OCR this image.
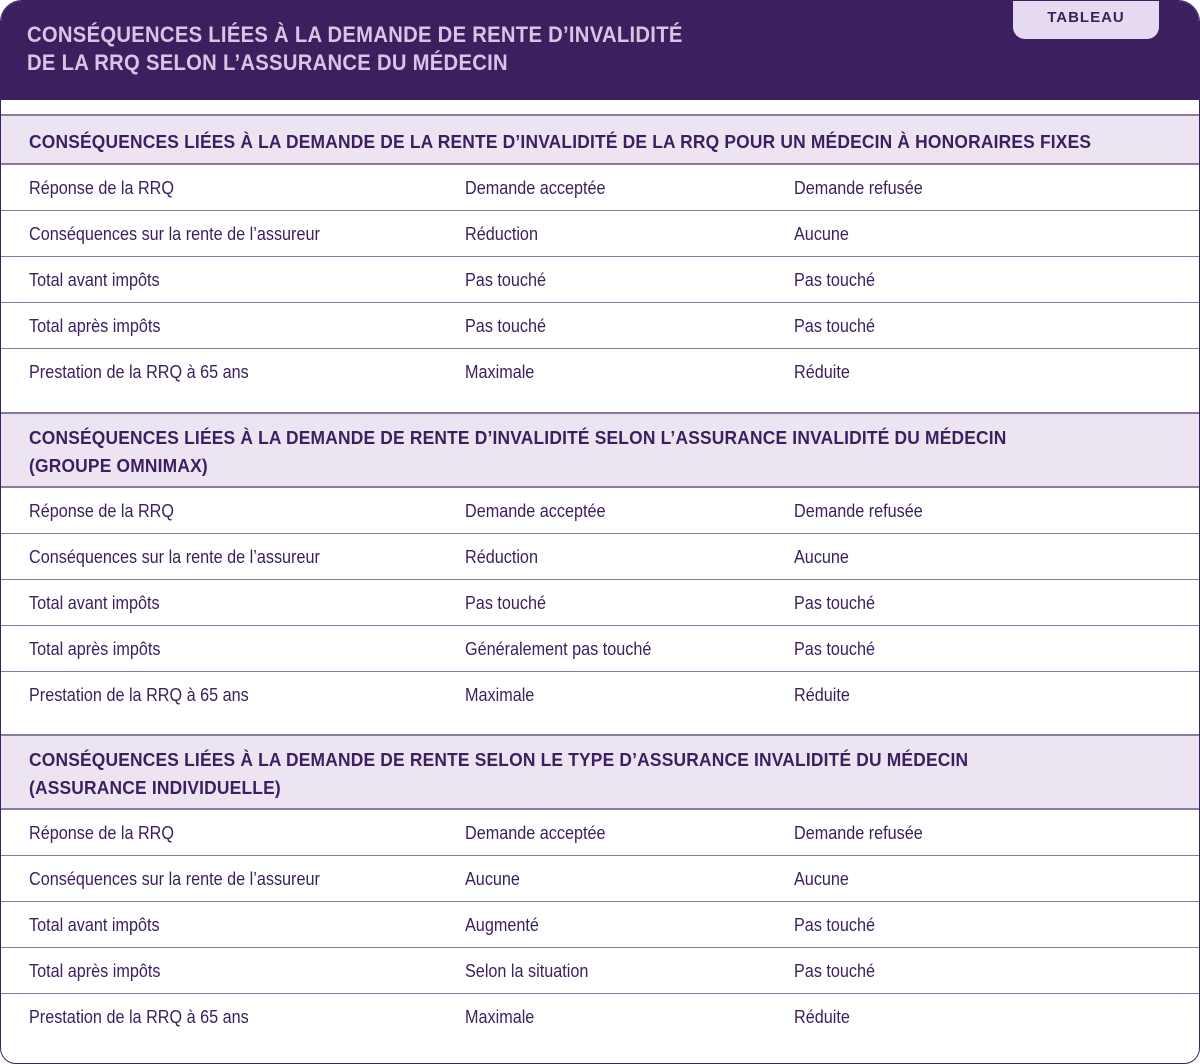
CONSÉQUENCES LIÉES À LA DEMANDE DE RENTE D’INVALIDITÉ
DE LA RRQ SELON L’ASSURANCE DU MÉDECIN
TABLEAU
CONSÉQUENCES LIÉES À LA DEMANDE DE LA RENTE D’INVALIDITÉ DE LA RRQ POUR UN MÉDECIN À HONORAIRES FIXES
Réponse de la RRQ	Demande acceptée	Demande refusée
Conséquences sur la rente de l’assureur	Réduction	Aucune
Total avant impôts	Pas touché	Pas touché
Total après impôts	Pas touché	Pas touché
Prestation de la RRQ à 65 ans	Maximale	Réduite
CONSÉQUENCES LIÉES À LA DEMANDE DE RENTE D’INVALIDITÉ SELON L’ASSURANCE INVALIDITÉ DU MÉDECIN
(GROUPE OMNIMAX)
Réponse de la RRQ	Demande acceptée	Demande refusée
Conséquences sur la rente de l’assureur	Réduction	Aucune
Total avant impôts	Pas touché	Pas touché
Total après impôts	Généralement pas touché	Pas touché
Prestation de la RRQ à 65 ans	Maximale	Réduite
CONSÉQUENCES LIÉES À LA DEMANDE DE RENTE SELON LE TYPE D’ASSURANCE INVALIDITÉ DU MÉDECIN
(ASSURANCE INDIVIDUELLE)
Réponse de la RRQ	Demande acceptée	Demande refusée
Conséquences sur la rente de l’assureur	Aucune	Aucune
Total avant impôts	Augmenté	Pas touché
Total après impôts	Selon la situation	Pas touché
Prestation de la RRQ à 65 ans	Maximale	Réduite
